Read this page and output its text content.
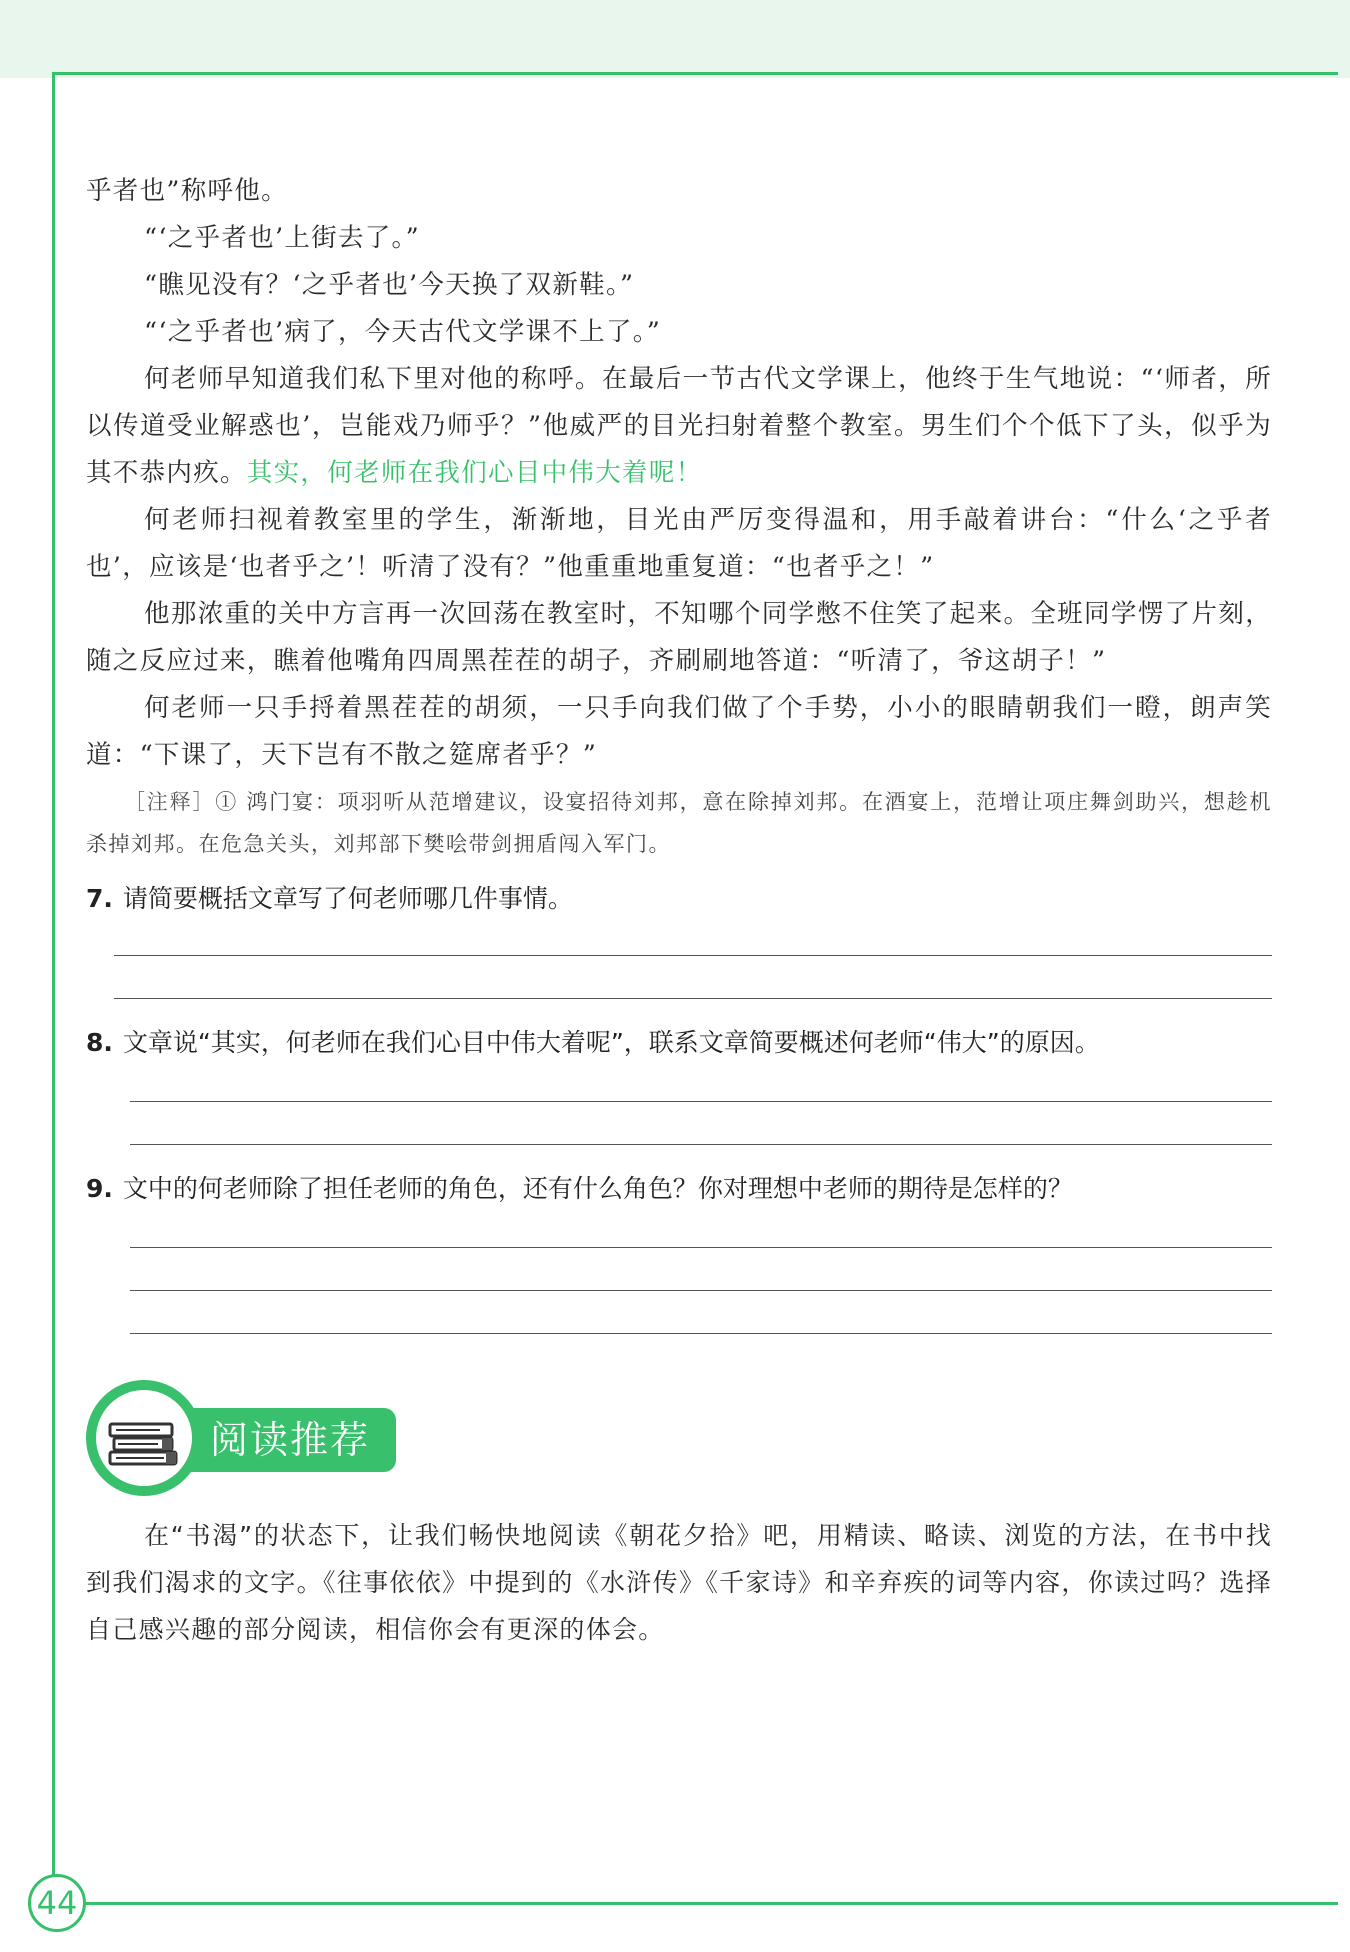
乎者也”称呼他。

“‘之乎者也’上街去了。”

“瞧见没有？‘之乎者也’今天换了双新鞋。”

“‘之乎者也’病了，今天古代文学课不上了。”

何老师早知道我们私下里对他的称呼。在最后一节古代文学课上，他终于生气地说：“‘师者，所以传道受业解惑也’，岂能戏乃师乎？”他威严的目光扫射着整个教室。男生们个个低下了头，似乎为其不恭内疚。其实，何老师在我们心目中伟大着呢！

何老师扫视着教室里的学生，渐渐地，目光由严厉变得温和，用手敲着讲台：“什么‘之乎者也’，应该是‘也者乎之’！听清了没有？”他重重地重复道：“也者乎之！”

他那浓重的关中方言再一次回荡在教室时，不知哪个同学憋不住笑了起来。全班同学愣了片刻，随之反应过来，瞧着他嘴角四周黑茬茬的胡子，齐刷刷地答道：“听清了，爷这胡子！”

何老师一只手捋着黑茬茬的胡须，一只手向我们做了个手势，小小的眼睛朝我们一瞪，朗声笑道：“下课了，天下岂有不散之筵席者乎？”

［注释］① 鸿门宴：项羽听从范增建议，设宴招待刘邦，意在除掉刘邦。在酒宴上，范增让项庄舞剑助兴，想趁机杀掉刘邦。在危急关头，刘邦部下樊哙带剑拥盾闯入军门。

7. 请简要概括文章写了何老师哪几件事情。

8. 文章说“其实，何老师在我们心目中伟大着呢”，联系文章简要概述何老师“伟大”的原因。

9. 文中的何老师除了担任老师的角色，还有什么角色？你对理想中老师的期待是怎样的？

阅读推荐

在“书渴”的状态下，让我们畅快地阅读《朝花夕拾》吧，用精读、略读、浏览的方法，在书中找到我们渴求的文字。《往事依依》中提到的《水浒传》《千家诗》和辛弃疾的词等内容，你读过吗？选择自己感兴趣的部分阅读，相信你会有更深的体会。

44
